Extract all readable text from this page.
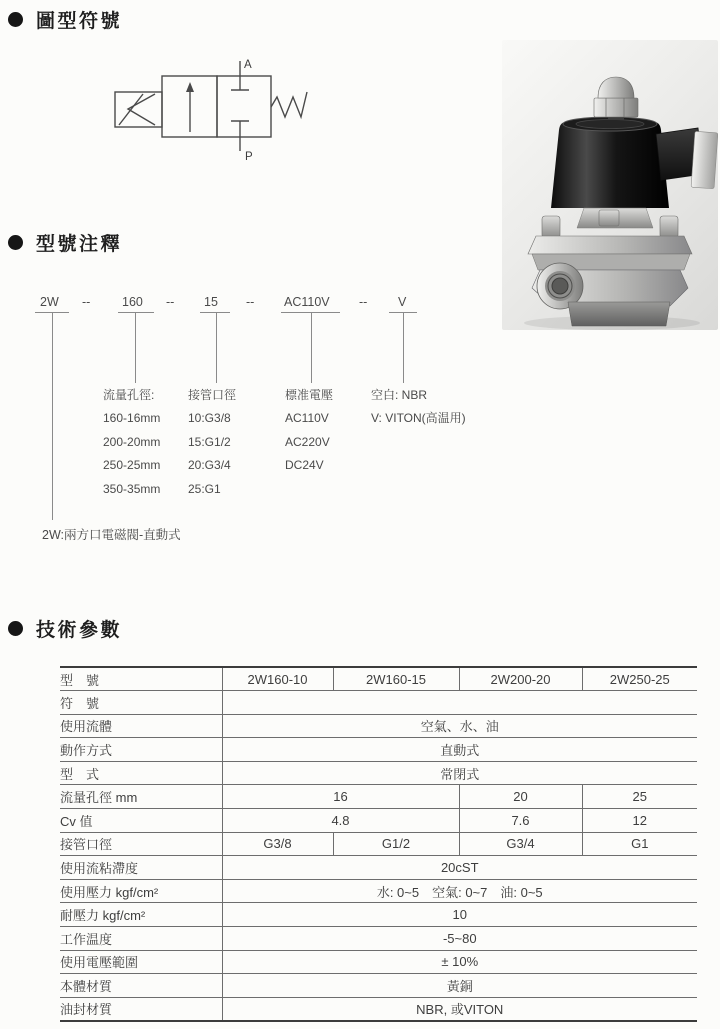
圖型符號
A
P
型號注釋
2W --	160 -- 15 -- AC110V -- V
流量孔徑:
160-16mm
200-20mm
250-25mm
350-35mm
接管口徑
10:G3/8
15:G1/2
20:G3/4
25:G1
標准電壓
AC110V
AC220V
DC24V
空白: NBR
V: VITON(高温用)
2W:兩方口電磁閥-直動式
技術參數
型　號	2W160-10	2W160-15	2W200-20	2W250-25
符　號				
使用流體	空氣、水、油			
動作方式	直動式			
型　式	常閉式			
流量孔徑 mm	16		20	25
Cv 值	4.8		7.6	12
接管口徑	G3/8	G1/2	G3/4	G1
使用流粘滯度	20cST			
使用壓力 kgf/cm²	水: 0~5　空氣: 0~7　油: 0~5			
耐壓力 kgf/cm²	10			
工作温度	-5~80			
使用電壓範圍	± 10%			
本體材質	黃銅			
油封材質	NBR, 或VITON			
